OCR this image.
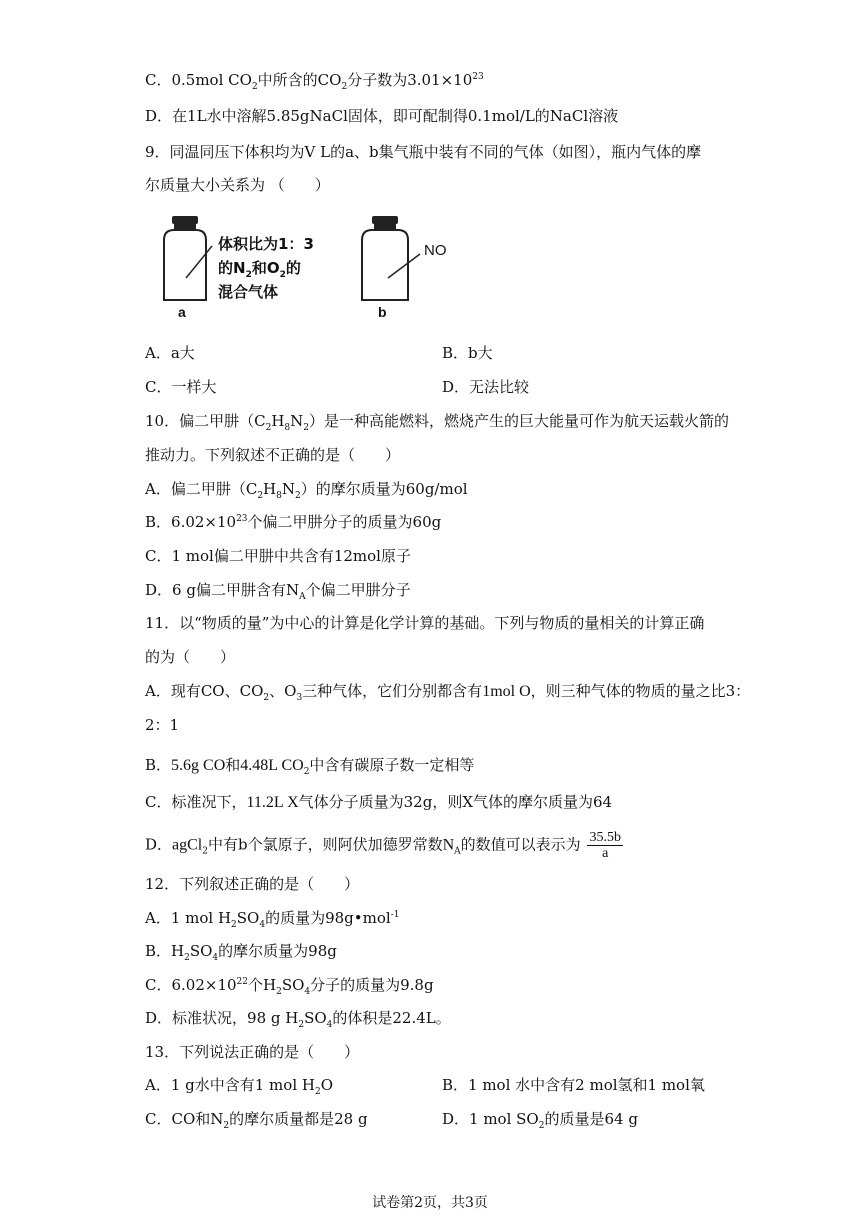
C．0.5mol $CO_2$中所含的$CO_2$分子数为$3.01\times 10^{23}$
D．在1L水中溶解5.85gNaCl固体，即可配制得0.1mol/L的NaCl溶液
9．同温同压下体积均为V L的a、b集气瓶中装有不同的气体（如图），瓶内气体的摩
尔质量大小关系为 （　　）
体积比为1：3
的$N_2$和$O_2$的
混合气体
NO
a	b
A．a大	B．b大
C．一样大	D．无法比较
10．偏二甲肼$(C_2H_8N_2)$是一种高能燃料，燃烧产生的巨大能量可作为航天运载火箭的
推动力。下列叙述不正确的是（　　）
A．偏二甲肼$(C_2H_8N_2)$的摩尔质量为60g/mol
B．$6.02\times 10^{23}$个偏二甲肼分子的质量为60g
C．1 mol偏二甲肼中共含有12mol原子
D．6 g偏二甲肼含有$N_A$个偏二甲肼分子
11．以“物质的量”为中心的计算是化学计算的基础。下列与物质的量相关的计算正确
的为（　　）
A．现有CO、$CO_2$、$O_3$三种气体，它们分别都含有1mol O，则三种气体的物质的量之比3：
2：1
B．5.6g CO和4.48L $CO_2$中含有碳原子数一定相等
C．标准况下，11.2L X气体分子质量为32g，则X气体的摩尔质量为64
D．agCl$_2$中有b个氯原子，则阿伏加德罗常数$N_A$的数值可以表示为 $\frac{35.5b}{a}$
12．下列叙述正确的是（　　）
A．1 mol $H_2SO_4$的质量为98g•mol$^{-1}$
B．$H_2SO_4$的摩尔质量为98g
C．$6.02\times 10^{22}$个$H_2SO_4$分子的质量为9.8g
D．标准状况，98 g $H_2SO_4$的体积是22.4L。
13．下列说法正确的是（　　）
A．1 g水中含有1 mol $H_2O$	B．1 mol 水中含有2 mol氢和1 mol氧
C．CO和$N_2$的摩尔质量都是28 g	D．1 mol $SO_2$的质量是64 g
试卷第2页，共3页
